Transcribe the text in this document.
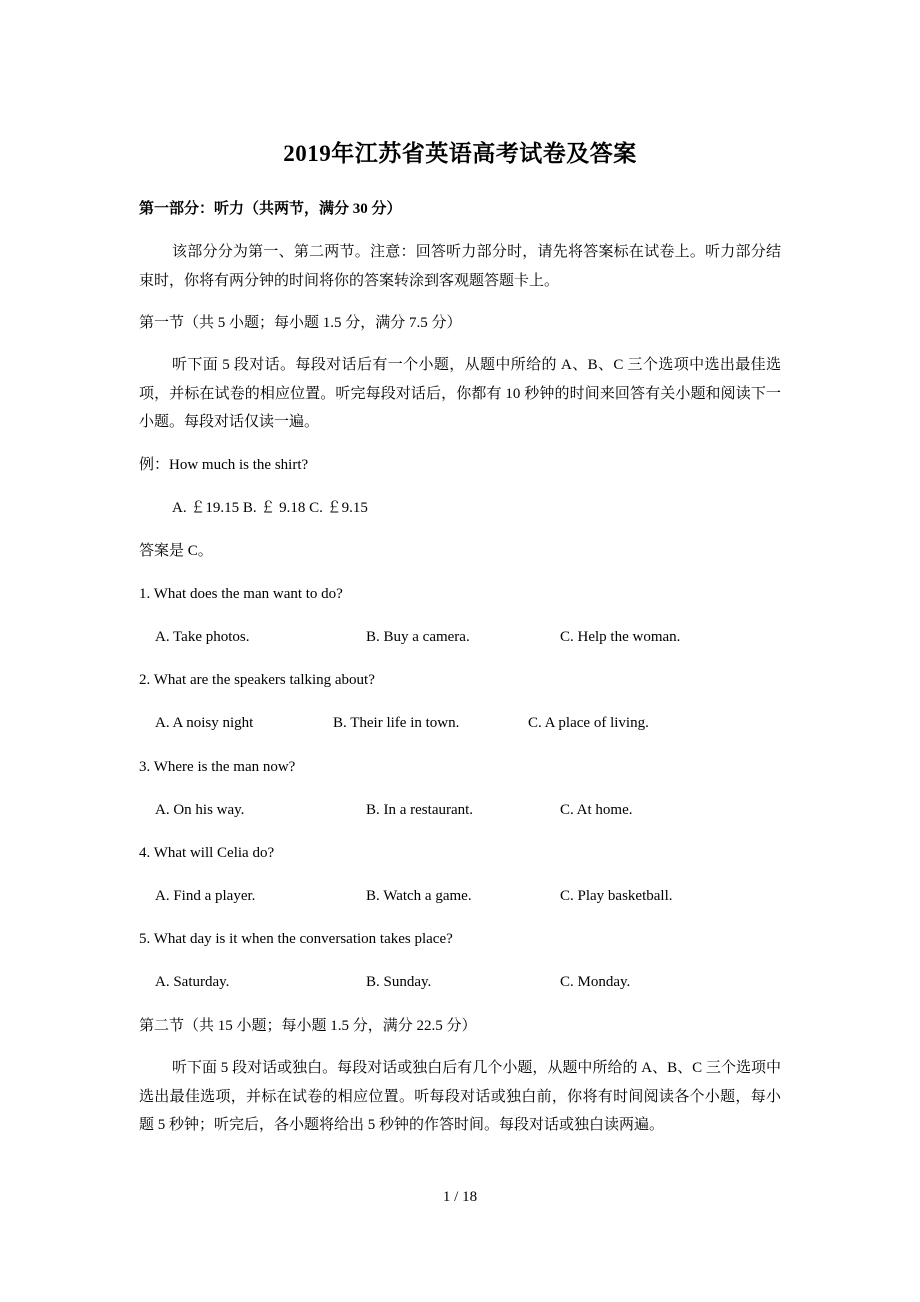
2019年江苏省英语高考试卷及答案
第一部分：听力（共两节，满分 30 分）
该部分分为第一、第二两节。注意：回答听力部分时，请先将答案标在试卷上。听力部分结束时，你将有两分钟的时间将你的答案转涂到客观题答题卡上。
第一节（共 5 小题；每小题 1.5 分，满分 7.5 分）
听下面 5 段对话。每段对话后有一个小题，从题中所给的 A、B、C 三个选项中选出最佳选项，并标在试卷的相应位置。听完每段对话后，你都有 10 秒钟的时间来回答有关小题和阅读下一小题。每段对话仅读一遍。
例：How much is the shirt?
A. ￡19.15 B. ￡ 9.18 C. ￡9.15
答案是 C。
1. What does the man want to do?
A. Take photos.	B. Buy a camera.	C. Help the woman.
2. What are the speakers talking about?
A. A noisy night	B. Their life in town.	C. A place of living.
3. Where is the man now?
A. On his way.	B. In a restaurant.	C. At home.
4. What will Celia do?
A. Find a player.	B. Watch a game.	C. Play basketball.
5. What day is it when the conversation takes place?
A. Saturday.	B. Sunday.	C. Monday.
第二节（共 15 小题；每小题 1.5 分，满分 22.5 分）
听下面 5 段对话或独白。每段对话或独白后有几个小题，从题中所给的 A、B、C 三个选项中选出最佳选项，并标在试卷的相应位置。听每段对话或独白前，你将有时间阅读各个小题，每小题 5 秒钟；听完后，各小题将给出 5 秒钟的作答时间。每段对话或独白读两遍。
1 / 18
